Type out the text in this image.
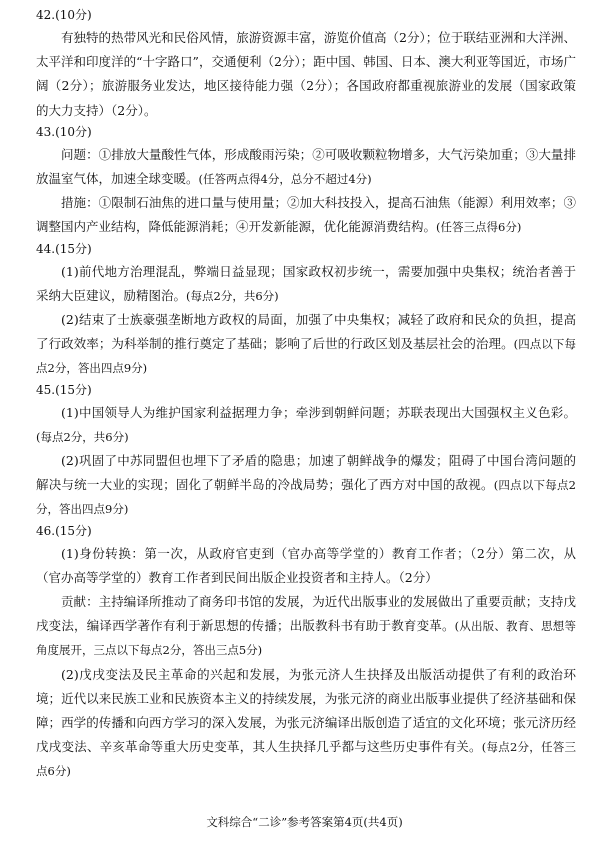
42.(10分)

有独特的热带风光和民俗风情，旅游资源丰富，游览价值高（2分）；位于联结亚洲和大洋洲、太平洋和印度洋的“十字路口”，交通便利（2分）；距中国、韩国、日本、澳大利亚等国近，市场广阔（2分）；旅游服务业发达，地区接待能力强（2分）；各国政府都重视旅游业的发展（国家政策的大力支持）（2分）。

43.(10分)

问题：①排放大量酸性气体，形成酸雨污染；②可吸收颗粒物增多，大气污染加重；③大量排放温室气体，加速全球变暖。(任答两点得4分，总分不超过4分)

措施：①限制石油焦的进口量与使用量；②加大科技投入，提高石油焦（能源）利用效率；③调整国内产业结构，降低能源消耗；④开发新能源，优化能源消费结构。(任答三点得6分)

44.(15分)

(1)前代地方治理混乱，弊端日益显现；国家政权初步统一，需要加强中央集权；统治者善于采纳大臣建议，励精图治。(每点2分，共6分)

(2)结束了士族豪强垄断地方政权的局面，加强了中央集权；减轻了政府和民众的负担，提高了行政效率；为科举制的推行奠定了基础；影响了后世的行政区划及基层社会的治理。(四点以下每点2分，答出四点9分)

45.(15分)

(1)中国领导人为维护国家利益据理力争；牵涉到朝鲜问题；苏联表现出大国强权主义色彩。(每点2分，共6分)

(2)巩固了中苏同盟但也埋下了矛盾的隐患；加速了朝鲜战争的爆发；阻碍了中国台湾问题的解决与统一大业的实现；固化了朝鲜半岛的冷战局势；强化了西方对中国的敌视。(四点以下每点2分，答出四点9分)

46.(15分)

(1)身份转换：第一次，从政府官吏到（官办高等学堂的）教育工作者；（2分）第二次，从（官办高等学堂的）教育工作者到民间出版企业投资者和主持人。（2分）

贡献：主持编译所推动了商务印书馆的发展，为近代出版事业的发展做出了重要贡献；支持戊戌变法，编译西学著作有利于新思想的传播；出版教科书有助于教育变革。(从出版、教育、思想等角度展开，三点以下每点2分，答出三点5分)

(2)戊戌变法及民主革命的兴起和发展，为张元济人生抉择及出版活动提供了有利的政治环境；近代以来民族工业和民族资本主义的持续发展，为张元济的商业出版事业提供了经济基础和保障；西学的传播和向西方学习的深入发展，为张元济编译出版创造了适宜的文化环境；张元济历经戊戌变法、辛亥革命等重大历史变革，其人生抉择几乎都与这些历史事件有关。(每点2分，任答三点6分)

文科综合“二诊”参考答案第4页(共4页)
